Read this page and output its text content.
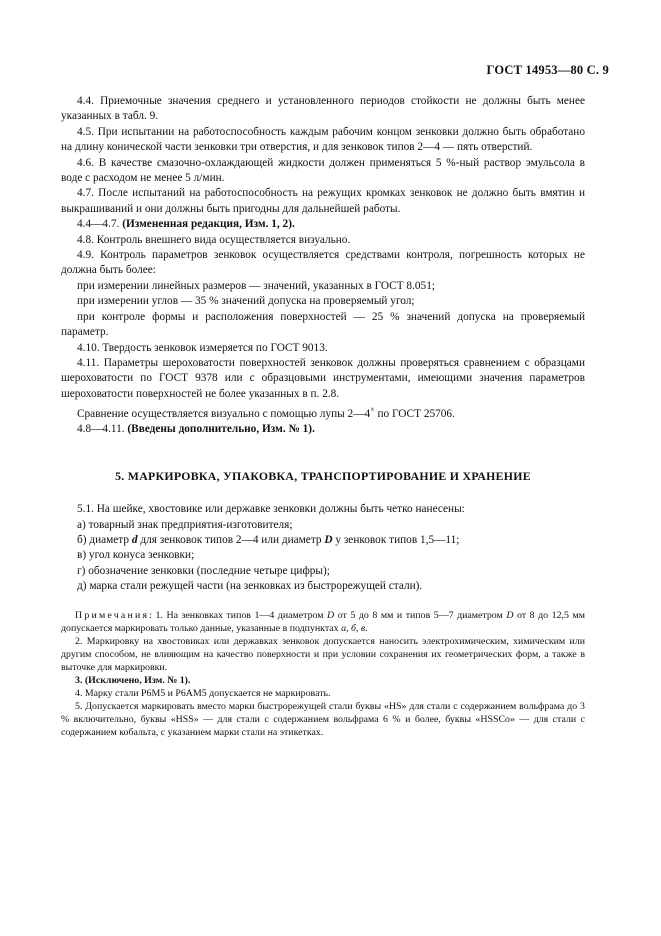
ГОСТ 14953—80 С. 9

4.4. Приемочные значения среднего и установленного периодов стойкости не должны быть менее указанных в табл. 9.

4.5. При испытании на работоспособность каждым рабочим концом зенковки должно быть обработано на длину конической части зенковки три отверстия, и для зенковок типов 2—4 — пять отверстий.

4.6. В качестве смазочно-охлаждающей жидкости должен применяться 5 %-ный раствор эмульсола в воде с расходом не менее 5 л/мин.

4.7. После испытаний на работоспособность на режущих кромках зенковок не должно быть вмятин и выкрашиваний и они должны быть пригодны для дальнейшей работы.

4.4—4.7. (Измененная редакция, Изм. 1, 2).

4.8. Контроль внешнего вида осуществляется визуально.

4.9. Контроль параметров зенковок осуществляется средствами контроля, погрешность которых не должна быть более:

при измерении линейных размеров — значений, указанных в ГОСТ 8.051;

при измерении углов — 35 % значений допуска на проверяемый угол;

при контроле формы и расположения поверхностей — 25 % значений допуска на проверяемый параметр.

4.10. Твердость зенковок измеряется по ГОСТ 9013.

4.11. Параметры шероховатости поверхностей зенковок должны проверяться сравнением с образцами шероховатости по ГОСТ 9378 или с образцовыми инструментами, имеющими значения параметров шероховатости поверхностей не более указанных в п. 2.8.

Сравнение осуществляется визуально с помощью лупы 2—4× по ГОСТ 25706.

4.8—4.11. (Введены дополнительно, Изм. № 1).

5. МАРКИРОВКА, УПАКОВКА, ТРАНСПОРТИРОВАНИЕ И ХРАНЕНИЕ

5.1. На шейке, хвостовике или державке зенковки должны быть четко нанесены:

а) товарный знак предприятия-изготовителя;

б) диаметр d для зенковок типов 2—4 или диаметр D у зенковок типов 1,5—11;

в) угол конуса зенковки;

г) обозначение зенковки (последние четыре цифры);

д) марка стали режущей части (на зенковках из быстрорежущей стали).

Примечания: 1. На зенковках типов 1—4 диаметром D от 5 до 8 мм и типов 5—7 диаметром D от 8 до 12,5 мм допускается маркировать только данные, указанные в подпунктах а, б, в.

2. Маркировку на хвостовиках или державках зенковок допускается наносить электрохимическим, химическим или другим способом, не влияющим на качество поверхности и при условии сохранения их геометрических форм, а также в выточке для маркировки.

3. (Исключено, Изм. № 1).

4. Марку стали Р6М5 и Р6АМ5 допускается не маркировать.

5. Допускается маркировать вместо марки быстрорежущей стали буквы «HS» для стали с содержанием вольфрама до 3 % включительно, буквы «HSS» — для стали с содержанием вольфрама 6 % и более, буквы «HSSCo» — для стали с содержанием кобальта, с указанием марки стали на этикетках.
